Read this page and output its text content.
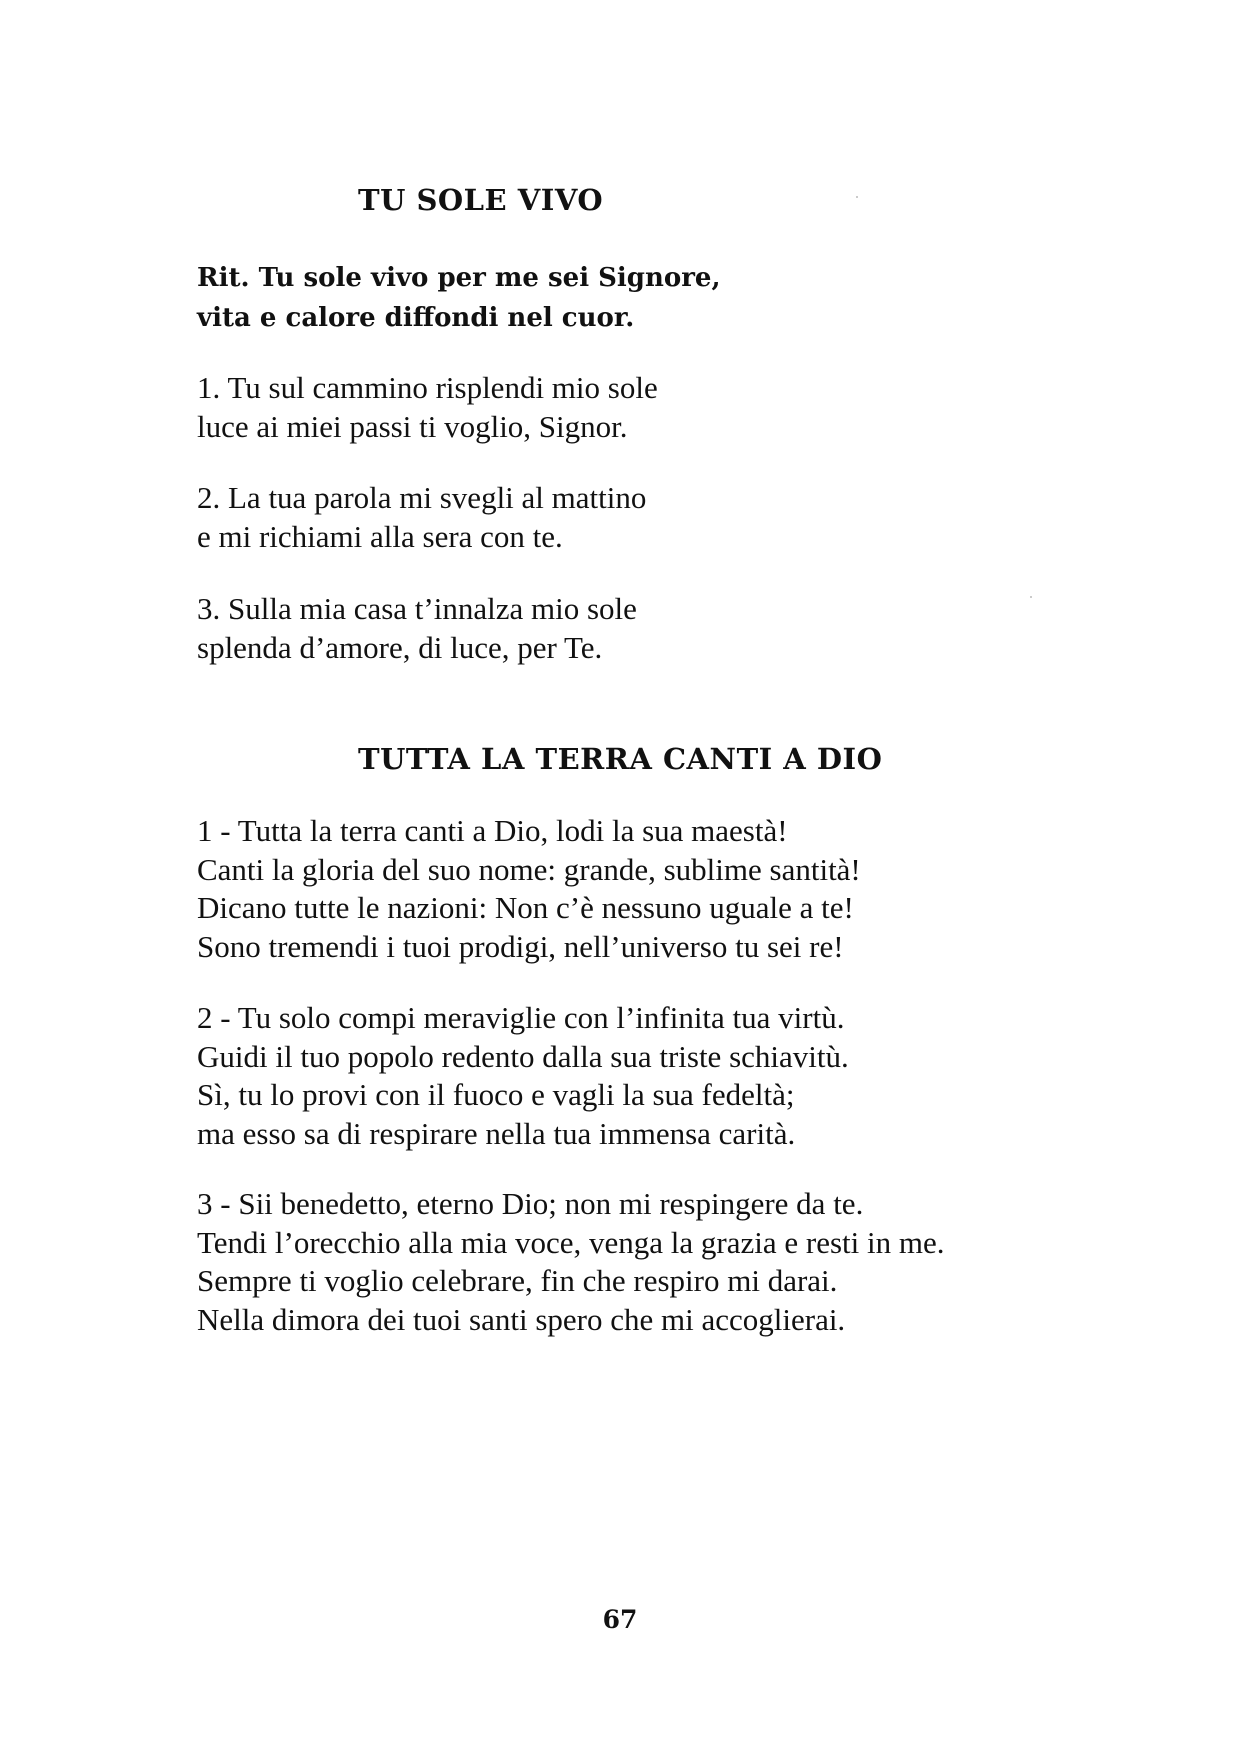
TU SOLE VIVO
Rit. Tu sole vivo per me sei Signore,
vita e calore diffondi nel cuor.
1. Tu sul cammino risplendi mio sole
luce ai miei passi ti voglio, Signor.
2. La tua parola mi svegli al mattino
e mi richiami alla sera con te.
3. Sulla mia casa t’innalza mio sole
splenda d’amore, di luce, per Te.
TUTTA LA TERRA CANTI A DIO
1 - Tutta la terra canti a Dio, lodi la sua maestà!
Canti la gloria del suo nome: grande, sublime santità!
Dicano tutte le nazioni: Non c’è nessuno uguale a te!
Sono tremendi i tuoi prodigi, nell’universo tu sei re!
2 - Tu solo compi meraviglie con l’infinita tua virtù.
Guidi il tuo popolo redento dalla sua triste schiavitù.
Sì, tu lo provi con il fuoco e vagli la sua fedeltà;
ma esso sa di respirare nella tua immensa carità.
3 - Sii benedetto, eterno Dio; non mi respingere da te.
Tendi l’orecchio alla mia voce, venga la grazia e resti in me.
Sempre ti voglio celebrare, fin che respiro mi darai.
Nella dimora dei tuoi santi spero che mi accoglierai.
67
